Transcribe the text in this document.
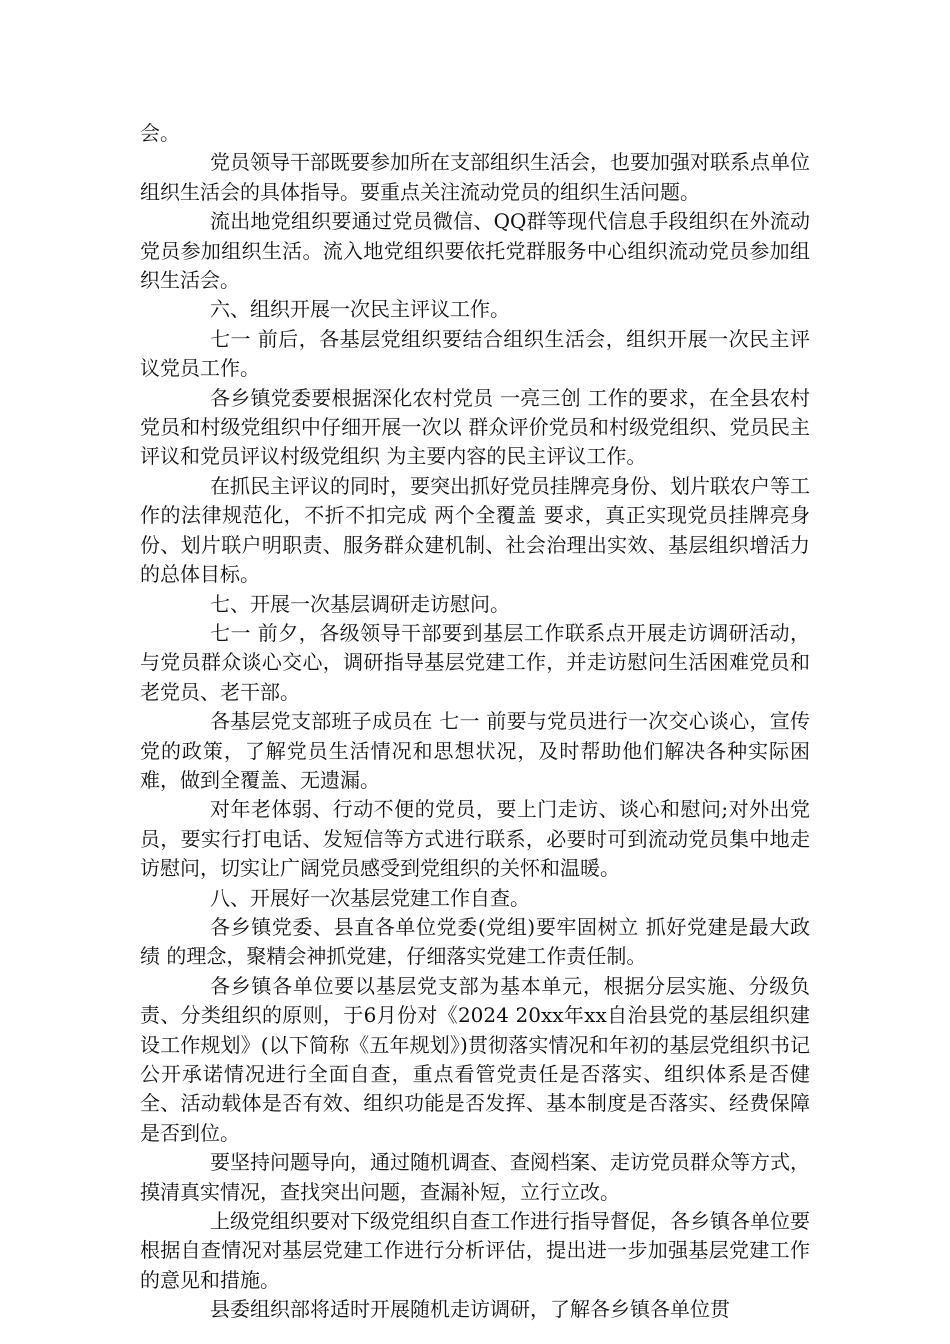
会。

党员领导干部既要参加所在支部组织生活会，也要加强对联系点单位组织生活会的具体指导。要重点关注流动党员的组织生活问题。

流出地党组织要通过党员微信、QQ群等现代信息手段组织在外流动党员参加组织生活。流入地党组织要依托党群服务中心组织流动党员参加组织生活会。

六、组织开展一次民主评议工作。

七一 前后，各基层党组织要结合组织生活会，组织开展一次民主评议党员工作。

各乡镇党委要根据深化农村党员 一亮三创 工作的要求，在全县农村党员和村级党组织中仔细开展一次以 群众评价党员和村级党组织、党员民主评议和党员评议村级党组织 为主要内容的民主评议工作。

在抓民主评议的同时，要突出抓好党员挂牌亮身份、划片联农户等工作的法律规范化，不折不扣完成 两个全覆盖 要求，真正实现党员挂牌亮身份、划片联户明职责、服务群众建机制、社会治理出实效、基层组织增活力的总体目标。

七、开展一次基层调研走访慰问。

七一 前夕，各级领导干部要到基层工作联系点开展走访调研活动，与党员群众谈心交心，调研指导基层党建工作，并走访慰问生活困难党员和老党员、老干部。

各基层党支部班子成员在 七一 前要与党员进行一次交心谈心，宣传党的政策，了解党员生活情况和思想状况，及时帮助他们解决各种实际困难，做到全覆盖、无遗漏。

对年老体弱、行动不便的党员，要上门走访、谈心和慰问;对外出党员，要实行打电话、发短信等方式进行联系，必要时可到流动党员集中地走访慰问，切实让广阔党员感受到党组织的关怀和温暖。

八、开展好一次基层党建工作自查。

各乡镇党委、县直各单位党委(党组)要牢固树立 抓好党建是最大政绩 的理念，聚精会神抓党建，仔细落实党建工作责任制。

各乡镇各单位要以基层党支部为基本单元，根据分层实施、分级负责、分类组织的原则，于6月份对《2024 20xx年xx自治县党的基层组织建设工作规划》(以下简称《五年规划》)贯彻落实情况和年初的基层党组织书记公开承诺情况进行全面自查，重点看管党责任是否落实、组织体系是否健全、活动载体是否有效、组织功能是否发挥、基本制度是否落实、经费保障是否到位。

要坚持问题导向，通过随机调查、查阅档案、走访党员群众等方式，摸清真实情况，查找突出问题，查漏补短，立行立改。

上级党组织要对下级党组织自查工作进行指导督促，各乡镇各单位要根据自查情况对基层党建工作进行分析评估，提出进一步加强基层党建工作的意见和措施。

县委组织部将适时开展随机走访调研，了解各乡镇各单位贯
